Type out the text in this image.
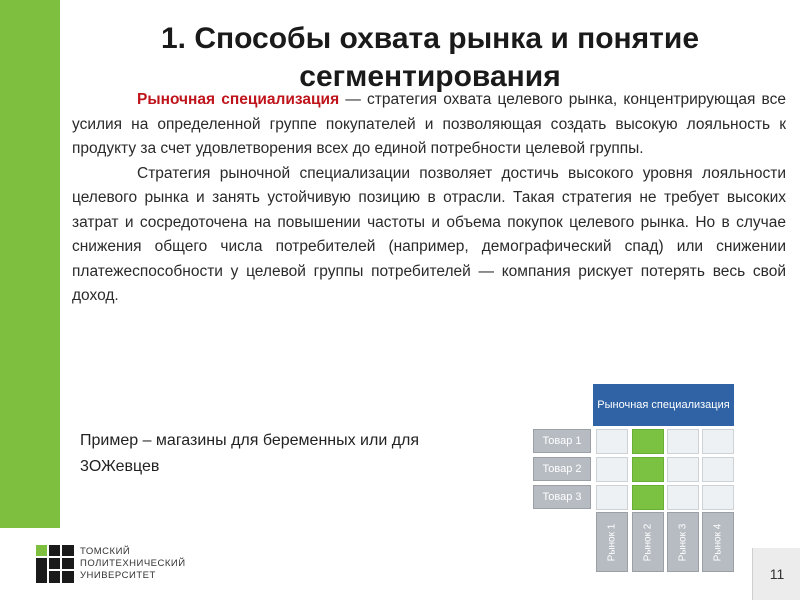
1. Способы охвата рынка и понятие сегментирования

Рыночная специализация — стратегия охвата целевого рынка, концентрирующая все усилия на определенной группе покупателей и позволяющая создать высокую лояльность к продукту за счет удовлетворения всех до единой потребности целевой группы.

Стратегия рыночной специализации позволяет достичь высокого уровня лояльности целевого рынка и занять устойчивую позицию в отрасли. Такая стратегия не требует высоких затрат и сосредоточена на повышении частоты и объема покупок целевого рынка. Но в случае снижения общего числа потребителей (например, демографический спад) или снижении платежеспособности у целевой группы потребителей — компания рискует потерять весь свой доход.

Пример – магазины для беременных или для 3ОЖевцев
Рыночная специализация
Товар 1
Товар 2
Товар 3
Рынок 1	Рынок 2 Рынок 3 Рынок 4
ТОМСКИЙ
ПОЛИТЕХНИЧЕСКИЙ
УНИВЕРСИТЕТ	11
